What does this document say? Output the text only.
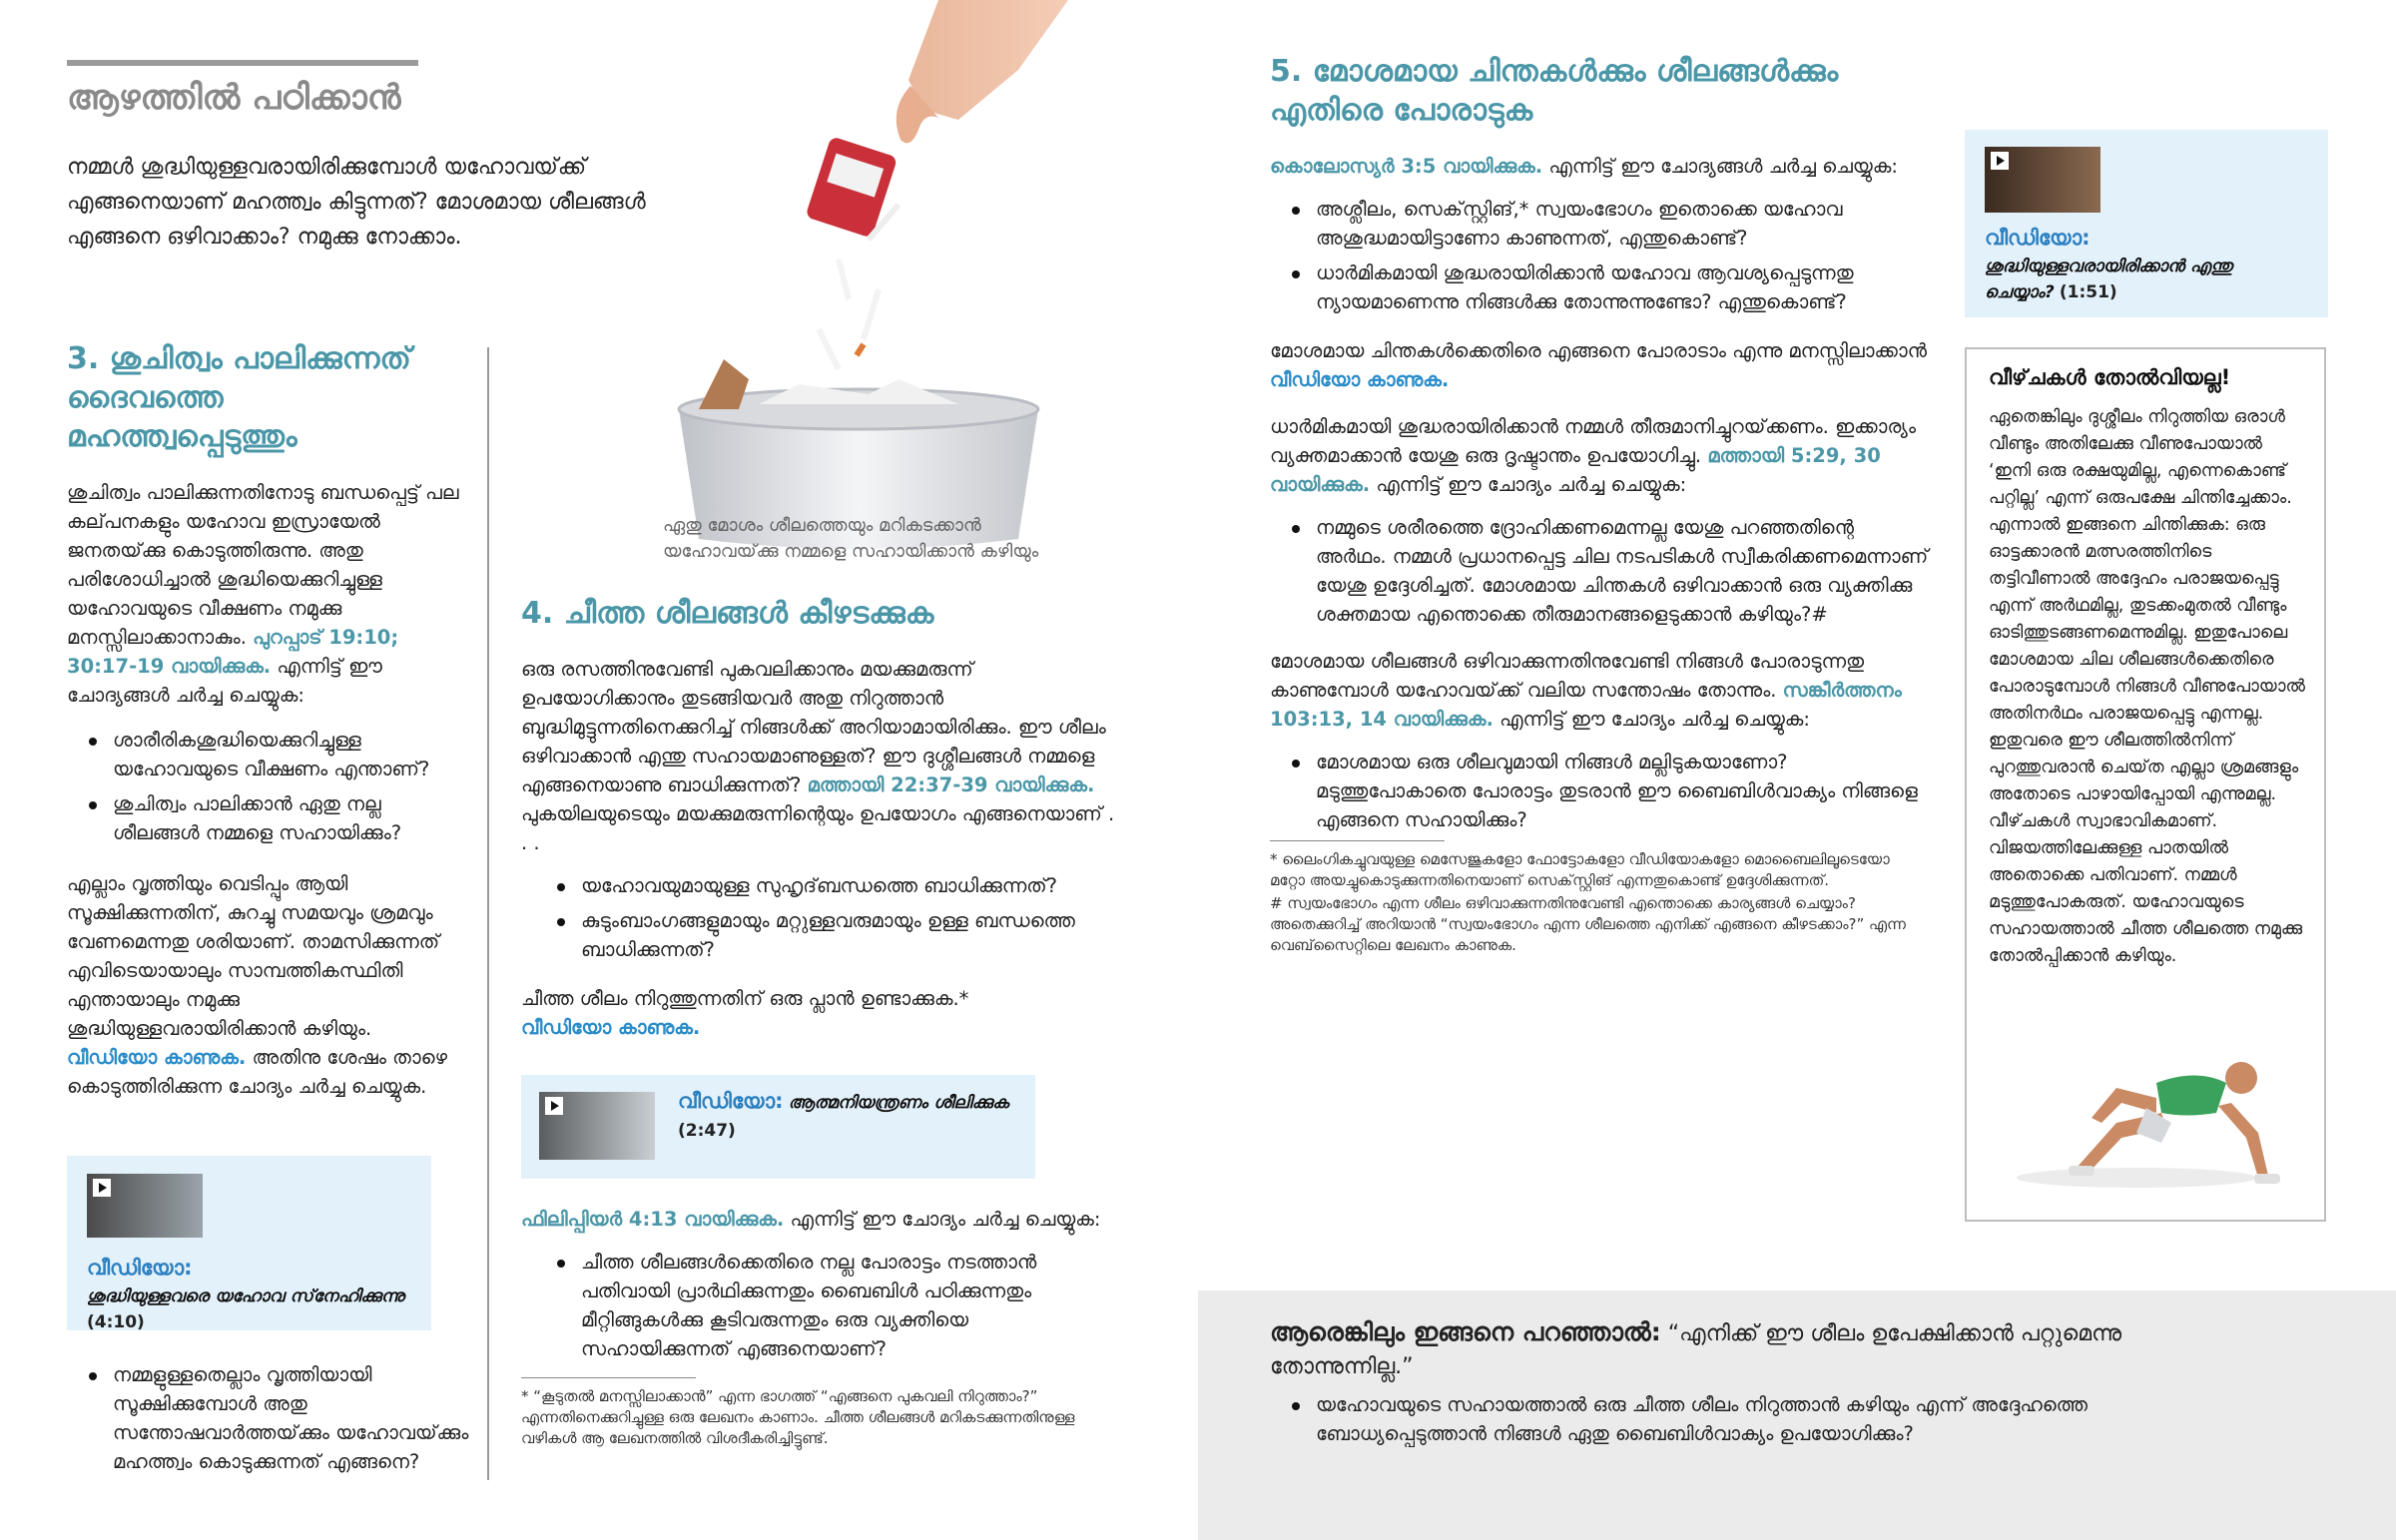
ആഴത്തിൽ പഠിക്കാൻ

നമ്മൾ ശുദ്ധിയുള്ളവരായിരിക്കുമ്പോൾ യഹോവയ്‌ക്ക് എങ്ങനെയാണ്‌ മഹത്ത്വം കിട്ടുന്നത്‌? മോശമായ ശീലങ്ങൾ എങ്ങനെ ഒഴിവാക്കാം? നമുക്കു നോക്കാം.

ഏതു മോശം ശീലത്തെയും മറികടക്കാൻ യഹോവയ്‌ക്കു നമ്മളെ സഹായിക്കാൻ കഴിയും

3. ശുചിത്വം പാലിക്കുന്നത്‌ ദൈവത്തെ മഹത്ത്വപ്പെടുത്തും

ശുചിത്വം പാലിക്കുന്നതിനോടു ബന്ധപ്പെട്ട് പല കല്‌പനകളും യഹോവ ഇസ്രായേൽ ജനതയ്‌ക്കു കൊടുത്തിരുന്നു. അതു പരിശോധിച്ചാൽ ശുദ്ധിയെക്കുറിച്ചുള്ള യഹോവയുടെ വീക്ഷണം നമുക്കു മനസ്സിലാക്കാനാകും. പുറപ്പാട്‌ 19:10; 30:17-19 വായിക്കുക. എന്നിട്ട് ഈ ചോദ്യങ്ങൾ ചർച്ച ചെയ്യുക:

ശാരീരികശുദ്ധിയെക്കുറിച്ചുള്ള യഹോവയുടെ വീക്ഷണം എന്താണ്‌?
ശുചിത്വം പാലിക്കാൻ ഏതു നല്ല ശീലങ്ങൾ നമ്മളെ സഹായിക്കും?

എല്ലാം വൃത്തിയും വെടിപ്പും ആയി സൂക്ഷിക്കുന്നതിന്‌, കുറച്ചു സമയവും ശ്രമവും വേണമെന്നതു ശരിയാണ്‌. താമസിക്കുന്നത്‌ എവിടെയായാലും സാമ്പത്തികസ്ഥിതി എന്തായാലും നമുക്കു ശുദ്ധിയുള്ളവരായിരിക്കാൻ കഴിയും. വീഡിയോ കാണുക. അതിനു ശേഷം താഴെ കൊടുത്തിരിക്കുന്ന ചോദ്യം ചർച്ച ചെയ്യുക.

വീഡിയോ:
ശുദ്ധിയുള്ളവരെ യഹോവ സ്‌നേഹിക്കുന്നു (4:10)
നമ്മളുള്ളതെല്ലാം വൃത്തിയായി സൂക്ഷിക്കുമ്പോൾ അതു സന്തോഷവാർത്തയ്‌ക്കും യഹോവയ്‌ക്കും മഹത്ത്വം കൊടുക്കുന്നത്‌ എങ്ങനെ?
4. ചീത്ത ശീലങ്ങൾ കീഴടക്കുക

ഒരു രസത്തിനുവേണ്ടി പുകവലിക്കാനും മയക്കുമരുന്ന് ഉപയോഗിക്കാനും തുടങ്ങിയവർ അതു നിറുത്താൻ ബുദ്ധിമുട്ടുന്നതിനെക്കുറിച്ച് നിങ്ങൾക്ക് അറിയാമായിരിക്കും. ഈ ശീലം ഒഴിവാക്കാൻ എന്തു സഹായമാണുള്ളത്‌? ഈ ദുശ്ശീലങ്ങൾ നമ്മളെ എങ്ങനെയാണു ബാധിക്കുന്നത്‌? മത്തായി 22:37-39 വായിക്കുക. പുകയിലയുടെയും മയക്കുമരുന്നിന്റെയും ഉപയോഗം എങ്ങനെയാണ്‌ . . .

യഹോവയുമായുള്ള സുഹൃദ്‌ബന്ധത്തെ ബാധിക്കുന്നത്‌?
കുടുംബാംഗങ്ങളുമായും മറ്റുള്ളവരുമായും ഉള്ള ബന്ധത്തെ ബാധിക്കുന്നത്‌?

ചീത്ത ശീലം നിറുത്തുന്നതിന്‌ ഒരു പ്ലാൻ ഉണ്ടാക്കുക.*
വീഡിയോ കാണുക.

വീഡിയോ: ആത്മനിയന്ത്രണം ശീലിക്കുക (2:47)

ഫിലിപ്പിയർ 4:13 വായിക്കുക. എന്നിട്ട് ഈ ചോദ്യം ചർച്ച ചെയ്യുക:

ചീത്ത ശീലങ്ങൾക്കെതിരെ നല്ല പോരാട്ടം നടത്താൻ പതിവായി പ്രാർഥിക്കുന്നതും ബൈബിൾ പഠിക്കുന്നതും മീറ്റിങ്ങുകൾക്കു കൂടിവരുന്നതും ഒരു വ്യക്തിയെ സഹായിക്കുന്നത്‌ എങ്ങനെയാണ്‌?

* “കൂടുതൽ മനസ്സിലാക്കാൻ” എന്ന ഭാഗത്ത്‌ “എങ്ങനെ പുകവലി നിറുത്താം?” എന്നതിനെക്കുറിച്ചുള്ള ഒരു ലേഖനം കാണാം. ചീത്ത ശീലങ്ങൾ മറികടക്കുന്നതിനുള്ള വഴികൾ ആ ലേഖനത്തിൽ വിശദീകരിച്ചിട്ടുണ്ട്.

5. മോശമായ ചിന്തകൾക്കും ശീലങ്ങൾക്കും എതിരെ പോരാടുക

കൊലോസ്യർ 3:5 വായിക്കുക. എന്നിട്ട് ഈ ചോദ്യങ്ങൾ ചർച്ച ചെയ്യുക:

അശ്ലീലം, സെക്‌സ്റ്റിങ്‌,* സ്വയംഭോഗം ഇതൊക്കെ യഹോവ അശുദ്ധമായിട്ടാണോ കാണുന്നത്‌, എന്തുകൊണ്ട്?
ധാർമികമായി ശുദ്ധരായിരിക്കാൻ യഹോവ ആവശ്യപ്പെടുന്നതു ന്യായമാണെന്നു നിങ്ങൾക്കു തോന്നുന്നുണ്ടോ? എന്തുകൊണ്ട്?

മോശമായ ചിന്തകൾക്കെതിരെ എങ്ങനെ പോരാടാം എന്നു മനസ്സിലാക്കാൻ വീഡിയോ കാണുക.

ധാർമികമായി ശുദ്ധരായിരിക്കാൻ നമ്മൾ തീരുമാനിച്ചുറയ്‌ക്കണം. ഇക്കാര്യം വ്യക്തമാക്കാൻ യേശു ഒരു ദൃഷ്ടാന്തം ഉപയോഗിച്ചു. മത്തായി 5:29, 30 വായിക്കുക. എന്നിട്ട് ഈ ചോദ്യം ചർച്ച ചെയ്യുക:

നമ്മുടെ ശരീരത്തെ ദ്രോഹിക്കണമെന്നല്ല യേശു പറഞ്ഞതിന്റെ അർഥം. നമ്മൾ പ്രധാനപ്പെട്ട ചില നടപടികൾ സ്വീകരിക്കണമെന്നാണ്‌ യേശു ഉദ്ദേശിച്ചത്‌. മോശമായ ചിന്തകൾ ഒഴിവാക്കാൻ ഒരു വ്യക്തിക്കു ശക്തമായ എന്തൊക്കെ തീരുമാനങ്ങളെടുക്കാൻ കഴിയും?#

മോശമായ ശീലങ്ങൾ ഒഴിവാക്കുന്നതിനുവേണ്ടി നിങ്ങൾ പോരാടുന്നതു കാണുമ്പോൾ യഹോവയ്‌ക്ക് വലിയ സന്തോഷം തോന്നും. സങ്കീർത്തനം 103:13, 14 വായിക്കുക. എന്നിട്ട് ഈ ചോദ്യം ചർച്ച ചെയ്യുക:

മോശമായ ഒരു ശീലവുമായി നിങ്ങൾ മല്ലിടുകയാണോ? മടുത്തുപോകാതെ പോരാട്ടം തുടരാൻ ഈ ബൈബിൾവാക്യം നിങ്ങളെ എങ്ങനെ സഹായിക്കും?

* ലൈംഗികച്ചുവയുള്ള മെസേജുകളോ ഫോട്ടോകളോ വീഡിയോകളോ മൊബൈലിലൂടെയോ മറ്റോ അയച്ചുകൊടുക്കുന്നതിനെയാണ്‌ സെക്‌സ്റ്റിങ്‌ എന്നതുകൊണ്ട് ഉദ്ദേശിക്കുന്നത്‌.

# സ്വയംഭോഗം എന്ന ശീലം ഒഴിവാക്കുന്നതിനുവേണ്ടി എന്തൊക്കെ കാര്യങ്ങൾ ചെയ്യാം? അതെക്കുറിച്ച് അറിയാൻ “സ്വയംഭോഗം എന്ന ശീലത്തെ എനിക്ക് എങ്ങനെ കീഴടക്കാം?” എന്ന വെബ്‌സൈറ്റിലെ ലേഖനം കാണുക.

വീഡിയോ:
ശുദ്ധിയുള്ളവരായിരിക്കാൻ എന്തു ചെയ്യാം? (1:51)
വീഴ്‌ചകൾ തോൽവിയല്ല!

ഏതെങ്കിലും ദുശ്ശീലം നിറുത്തിയ ഒരാൾ വീണ്ടും അതിലേക്കു വീണുപോയാൽ ‘ഇനി ഒരു രക്ഷയുമില്ല, എന്നെകൊണ്ട് പറ്റില്ല’ എന്ന് ഒരുപക്ഷേ ചിന്തിച്ചേക്കാം. എന്നാൽ ഇങ്ങനെ ചിന്തിക്കുക: ഒരു ഓട്ടക്കാരൻ മത്സരത്തിനിടെ തട്ടിവീണാൽ അദ്ദേഹം പരാജയപ്പെട്ടു എന്ന് അർഥമില്ല, തുടക്കംമുതൽ വീണ്ടും ഓടിത്തുടങ്ങണമെന്നുമില്ല. ഇതുപോലെ മോശമായ ചില ശീലങ്ങൾക്കെതിരെ പോരാടുമ്പോൾ നിങ്ങൾ വീണുപോയാൽ അതിനർഥം പരാജയപ്പെട്ടു എന്നല്ല. ഇതുവരെ ഈ ശീലത്തിൽനിന്ന് പുറത്തുവരാൻ ചെയ്‌ത എല്ലാ ശ്രമങ്ങളും അതോടെ പാഴായിപ്പോയി എന്നുമല്ല. വീഴ്‌ചകൾ സ്വാഭാവികമാണ്‌. വിജയത്തിലേക്കുള്ള പാതയിൽ അതൊക്കെ പതിവാണ്‌. നമ്മൾ മടുത്തുപോകരുത്‌. യഹോവയുടെ സഹായത്താൽ ചീത്ത ശീലത്തെ നമുക്കു തോൽപ്പിക്കാൻ കഴിയും.

ആരെങ്കിലും ഇങ്ങനെ പറഞ്ഞാൽ: “എനിക്ക് ഈ ശീലം ഉപേക്ഷിക്കാൻ പറ്റുമെന്നു തോന്നുന്നില്ല.”

യഹോവയുടെ സഹായത്താൽ ഒരു ചീത്ത ശീലം നിറുത്താൻ കഴിയും എന്ന് അദ്ദേഹത്തെ ബോധ്യപ്പെടുത്താൻ നിങ്ങൾ ഏതു ബൈബിൾവാക്യം ഉപയോഗിക്കും?
